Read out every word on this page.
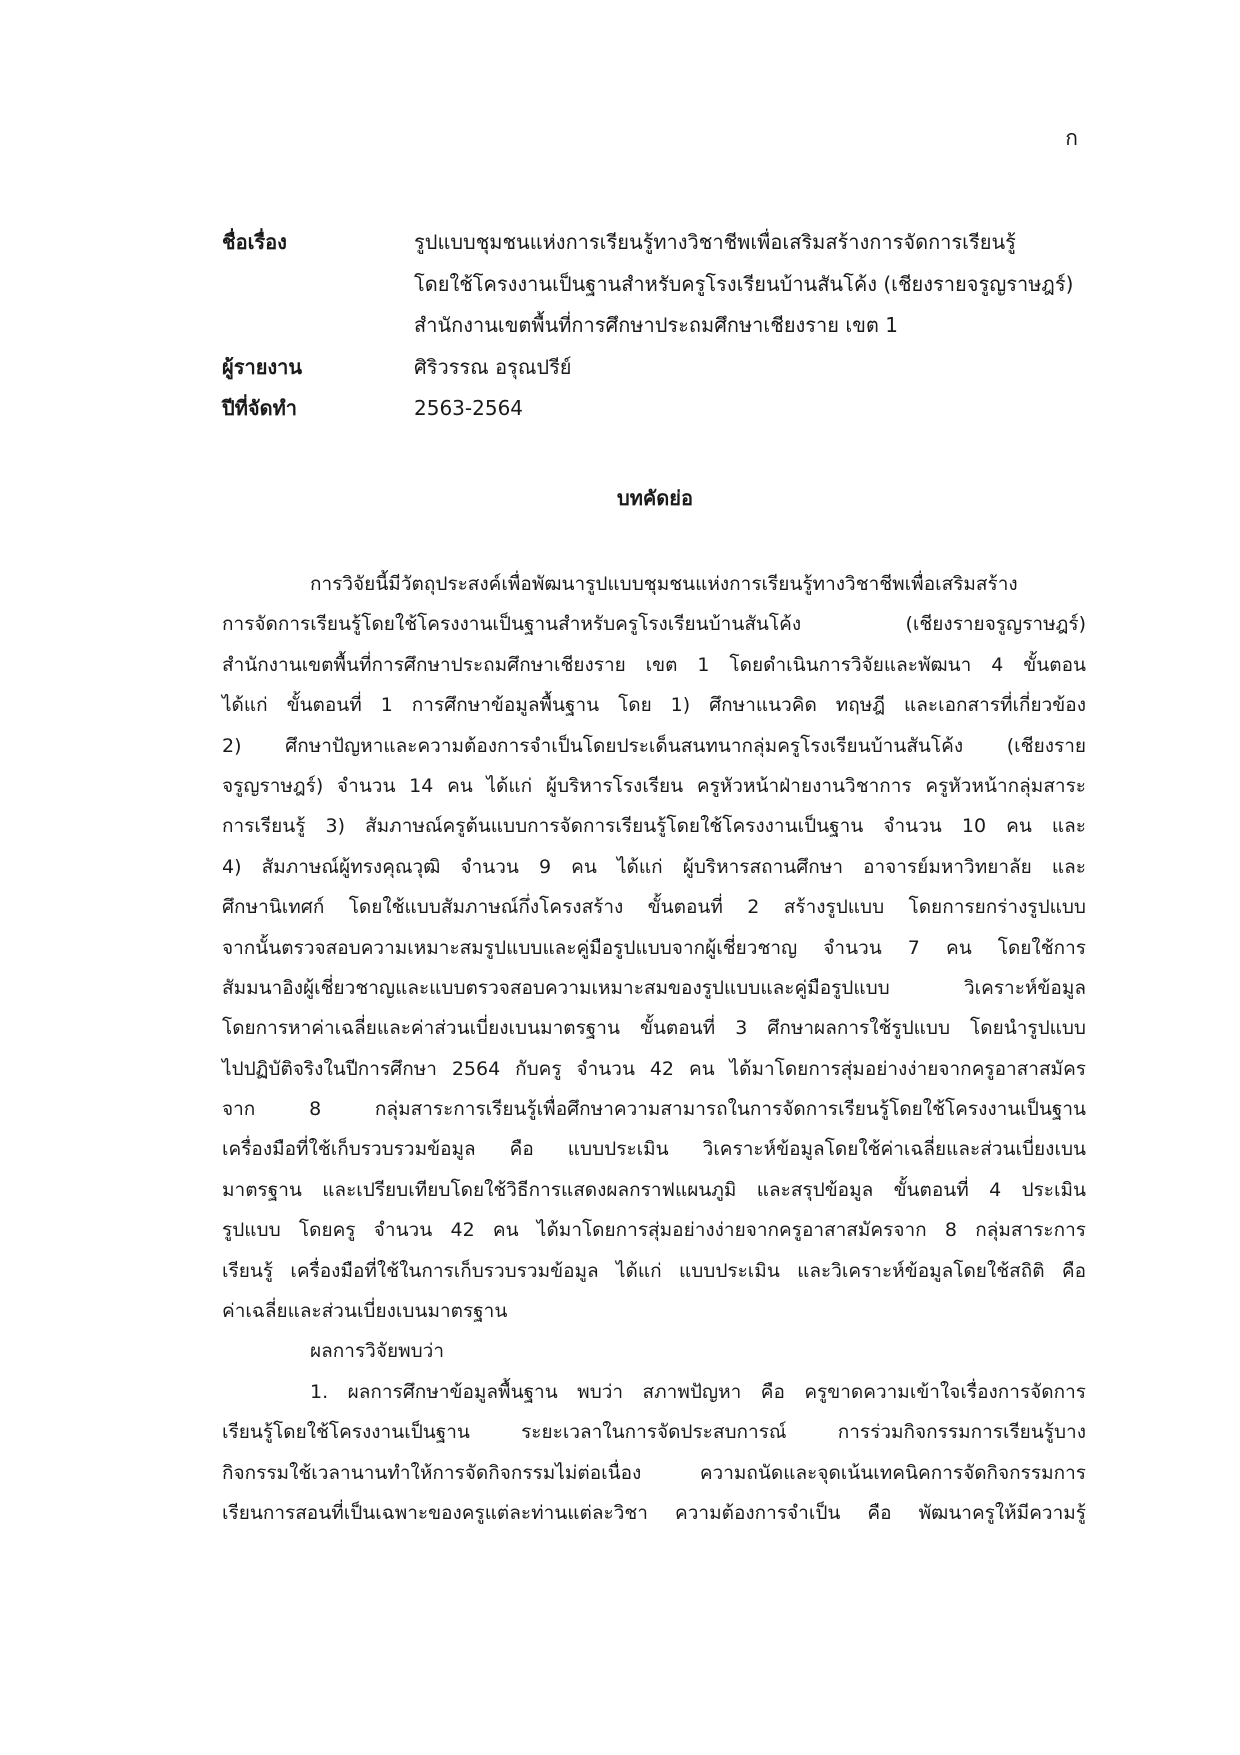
ก
ชื่อเรื่อง	รูปแบบชุมชนแห่งการเรียนรู้ทางวิชาชีพเพื่อเสริมสร้างการจัดการเรียนรู้
โดยใช้โครงงานเป็นฐานสำหรับครูโรงเรียนบ้านสันโค้ง (เชียงรายจรูญราษฎร์)
สำนักงานเขตพื้นที่การศึกษาประถมศึกษาเชียงราย เขต 1
ผู้รายงาน	ศิริวรรณ อรุณปรีย์
ปีที่จัดทำ	2563-2564
บทคัดย่อ
การวิจัยนี้มีวัตถุประสงค์เพื่อพัฒนารูปแบบชุมชนแห่งการเรียนรู้ทางวิชาชีพเพื่อเสริมสร้าง
การจัดการเรียนรู้โดยใช้โครงงานเป็นฐานสำหรับครูโรงเรียนบ้านสันโค้ง (เชียงรายจรูญราษฎร์)
สำนักงานเขตพื้นที่การศึกษาประถมศึกษาเชียงราย เขต 1 โดยดำเนินการวิจัยและพัฒนา 4 ขั้นตอน
ได้แก่ ขั้นตอนที่ 1 การศึกษาข้อมูลพื้นฐาน โดย 1) ศึกษาแนวคิด ทฤษฎี และเอกสารที่เกี่ยวข้อง
2) ศึกษาปัญหาและความต้องการจำเป็นโดยประเด็นสนทนากลุ่มครูโรงเรียนบ้านสันโค้ง (เชียงราย
จรูญราษฎร์) จำนวน 14 คน ได้แก่ ผู้บริหารโรงเรียน ครูหัวหน้าฝ่ายงานวิชาการ ครูหัวหน้ากลุ่มสาระ
การเรียนรู้ 3) สัมภาษณ์ครูต้นแบบการจัดการเรียนรู้โดยใช้โครงงานเป็นฐาน จำนวน 10 คน และ
4) สัมภาษณ์ผู้ทรงคุณวุฒิ จำนวน 9 คน ได้แก่ ผู้บริหารสถานศึกษา อาจารย์มหาวิทยาลัย และ
ศึกษานิเทศก์ โดยใช้แบบสัมภาษณ์กึ่งโครงสร้าง ขั้นตอนที่ 2 สร้างรูปแบบ โดยการยกร่างรูปแบบ
จากนั้นตรวจสอบความเหมาะสมรูปแบบและคู่มือรูปแบบจากผู้เชี่ยวชาญ จำนวน 7 คน โดยใช้การ
สัมมนาอิงผู้เชี่ยวชาญและแบบตรวจสอบความเหมาะสมของรูปแบบและคู่มือรูปแบบ วิเคราะห์ข้อมูล
โดยการหาค่าเฉลี่ยและค่าส่วนเบี่ยงเบนมาตรฐาน ขั้นตอนที่ 3 ศึกษาผลการใช้รูปแบบ โดยนำรูปแบบ
ไปปฏิบัติจริงในปีการศึกษา 2564 กับครู จำนวน 42 คน ได้มาโดยการสุ่มอย่างง่ายจากครูอาสาสมัคร
จาก 8 กลุ่มสาระการเรียนรู้เพื่อศึกษาความสามารถในการจัดการเรียนรู้โดยใช้โครงงานเป็นฐาน
เครื่องมือที่ใช้เก็บรวบรวมข้อมูล คือ แบบประเมิน วิเคราะห์ข้อมูลโดยใช้ค่าเฉลี่ยและส่วนเบี่ยงเบน
มาตรฐาน และเปรียบเทียบโดยใช้วิธีการแสดงผลกราฟแผนภูมิ และสรุปข้อมูล ขั้นตอนที่ 4 ประเมิน
รูปแบบ โดยครู จำนวน 42 คน ได้มาโดยการสุ่มอย่างง่ายจากครูอาสาสมัครจาก 8 กลุ่มสาระการ
เรียนรู้ เครื่องมือที่ใช้ในการเก็บรวบรวมข้อมูล ได้แก่ แบบประเมิน และวิเคราะห์ข้อมูลโดยใช้สถิติ คือ
ค่าเฉลี่ยและส่วนเบี่ยงเบนมาตรฐาน
ผลการวิจัยพบว่า
1. ผลการศึกษาข้อมูลพื้นฐาน พบว่า สภาพปัญหา คือ ครูขาดความเข้าใจเรื่องการจัดการ
เรียนรู้โดยใช้โครงงานเป็นฐาน ระยะเวลาในการจัดประสบการณ์ การร่วมกิจกรรมการเรียนรู้บาง
กิจกรรมใช้เวลานานทำให้การจัดกิจกรรมไม่ต่อเนื่อง ความถนัดและจุดเน้นเทคนิคการจัดกิจกรรมการ
เรียนการสอนที่เป็นเฉพาะของครูแต่ละท่านแต่ละวิชา ความต้องการจำเป็น คือ พัฒนาครูให้มีความรู้
